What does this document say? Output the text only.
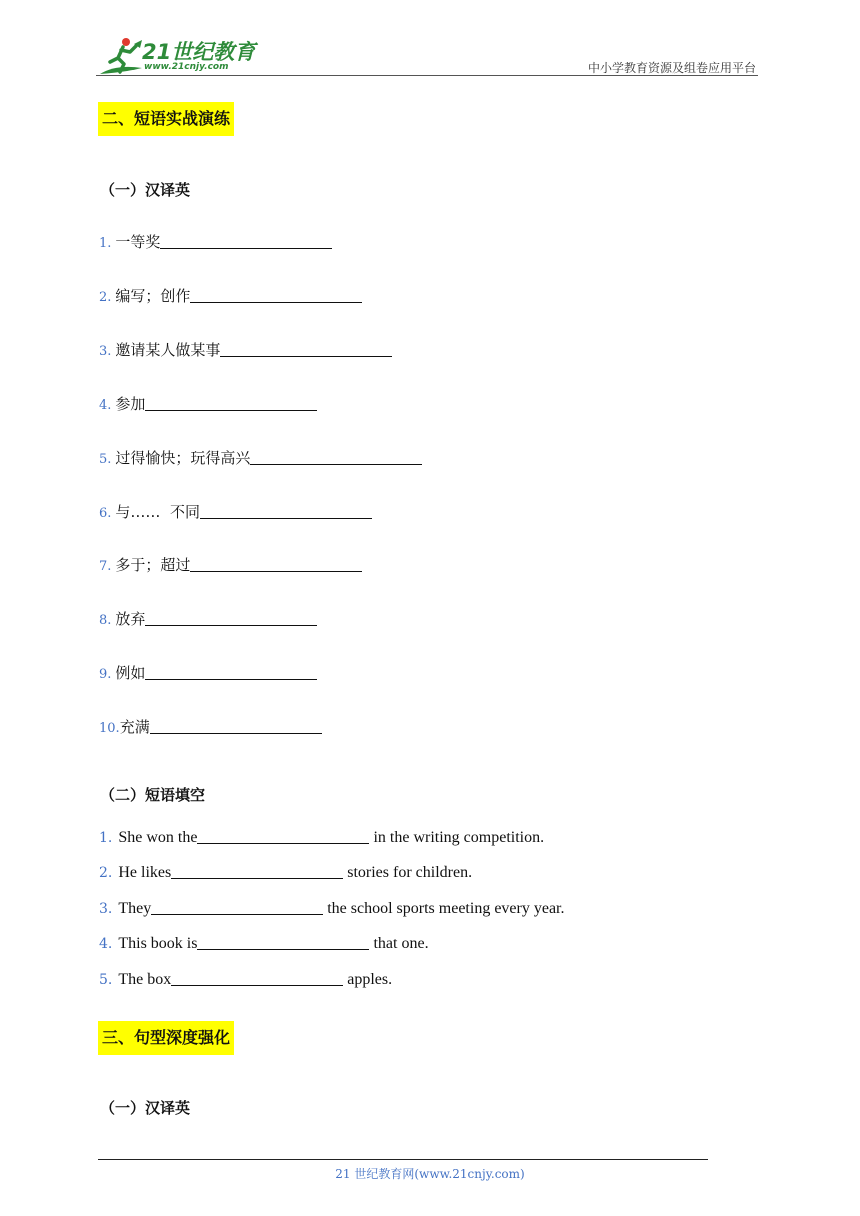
21世纪教育
www.21cnjy.com	中小学教育资源及组卷应用平台
二、短语实战演练
（一）汉译英
1. 一等奖
2. 编写；创作
3. 邀请某人做某事
4. 参加
5. 过得愉快；玩得高兴
6. 与……  不同
7. 多于；超过
8. 放弃
9. 例如
10.充满
（二）短语填空
1. She won the	in the writing competition.
2. He likes	stories for children.
3. They	the school sports meeting every year.
4. This book is	that one.
5. The box	apples.
三、句型深度强化
（一）汉译英
21 世纪教育网(www.21cnjy.com)
